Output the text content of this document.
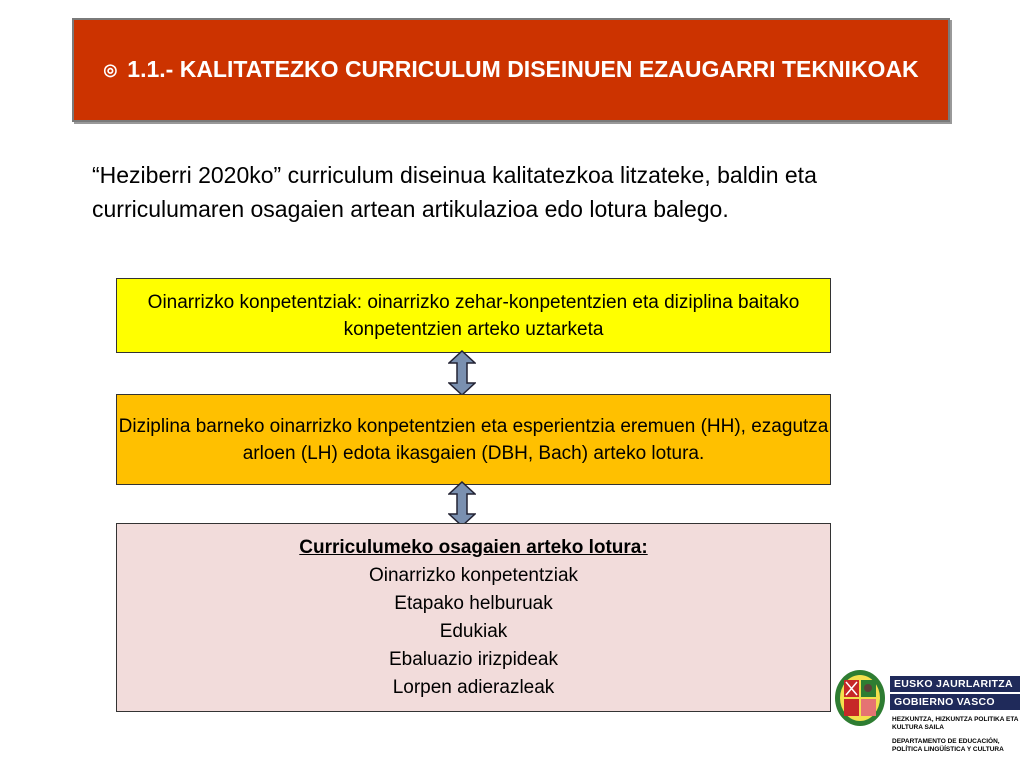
◎ 1.1.- KALITATEZKO CURRICULUM DISEINUEN EZAUGARRI TEKNIKOAK
“Heziberri 2020ko” curriculum diseinua kalitatezkoa litzateke, baldin eta curriculumaren osagaien artean artikulazioa edo lotura balego.
Oinarrizko konpetentziak: oinarrizko zehar-konpetentzien eta diziplina baitako konpetentzien arteko uztarketa
Diziplina barneko oinarrizko konpetentzien eta esperientzia eremuen (HH), ezagutza arloen (LH) edota ikasgaien (DBH, Bach) arteko lotura.
Curriculumeko osagaien arteko lotura:
Oinarrizko konpetentziak
Etapako helburuak
Edukiak
Ebaluazio irizpideak
Lorpen adierazleak	EUSKO JAURLARITZA
GOBIERNO VASCO
HEZKUNTZA, HIZKUNTZA POLITIKA ETA KULTURA SAILA
DEPARTAMENTO DE EDUCACIÓN, POLÍTICA LINGÜÍSTICA Y CULTURA
